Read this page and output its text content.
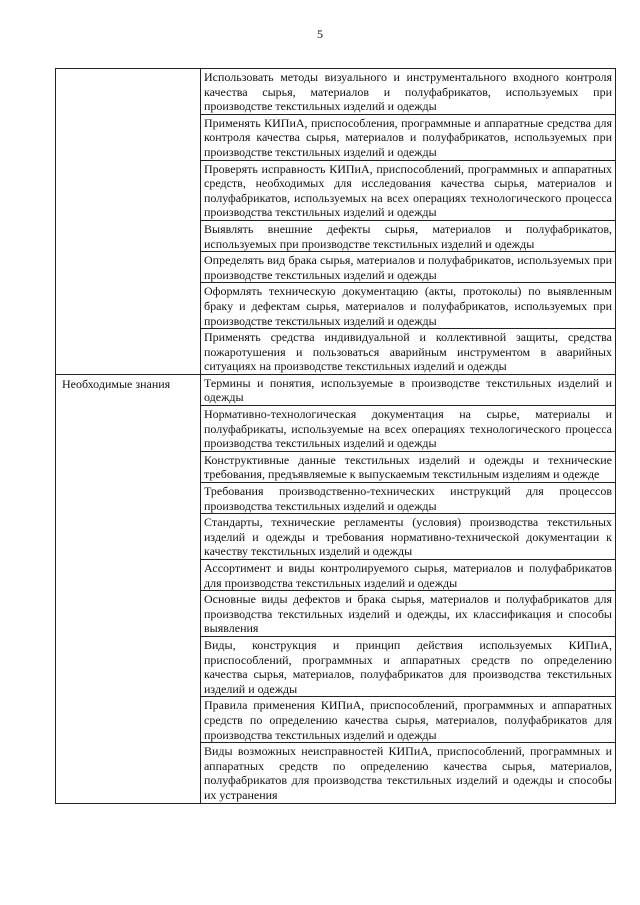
5
	Использовать методы визуального и инструментального входного контроля качества сырья, материалов и полуфабрикатов, используемых при производстве текстильных изделий и одежды
	Применять КИПиА, приспособления, программные и аппаратные средства для контроля качества сырья, материалов и полуфабрикатов, используемых при производстве текстильных изделий и одежды
	Проверять исправность КИПиА, приспособлений, программных и аппаратных средств, необходимых для исследования качества сырья, материалов и полуфабрикатов, используемых на всех операциях технологического процесса производства текстильных изделий и одежды
	Выявлять внешние дефекты сырья, материалов и полуфабрикатов, используемых при производстве текстильных изделий и одежды
	Определять вид брака сырья, материалов и полуфабрикатов, используемых при производстве текстильных изделий и одежды
	Оформлять техническую документацию (акты, протоколы) по выявленным браку и дефектам сырья, материалов и полуфабрикатов, используемых при производстве текстильных изделий и одежды
	Применять средства индивидуальной и коллективной защиты, средства пожаротушения и пользоваться аварийным инструментом в аварийных ситуациях на производстве текстильных изделий и одежды
Необходимые знания	Термины и понятия, используемые в производстве текстильных изделий и одежды
	Нормативно-технологическая документация на сырье, материалы и полуфабрикаты, используемые на всех операциях технологического процесса производства текстильных изделий и одежды
	Конструктивные данные текстильных изделий и одежды и технические требования, предъявляемые к выпускаемым текстильным изделиям и одежде
	Требования производственно-технических инструкций для процессов производства текстильных изделий и одежды
	Стандарты, технические регламенты (условия) производства текстильных изделий и одежды и требования нормативно-технической документации к качеству текстильных изделий и одежды
	Ассортимент и виды контролируемого сырья, материалов и полуфабрикатов для производства текстильных изделий и одежды
	Основные виды дефектов и брака сырья, материалов и полуфабрикатов для производства текстильных изделий и одежды, их классификация и способы выявления
	Виды, конструкция и принцип действия используемых КИПиА, приспособлений, программных и аппаратных средств по определению качества сырья, материалов, полуфабрикатов для производства текстильных изделий и одежды
	Правила применения КИПиА, приспособлений, программных и аппаратных средств по определению качества сырья, материалов, полуфабрикатов для производства текстильных изделий и одежды
	Виды возможных неисправностей КИПиА, приспособлений, программных и аппаратных средств по определению качества сырья, материалов, полуфабрикатов для производства текстильных изделий и одежды и способы их устранения
